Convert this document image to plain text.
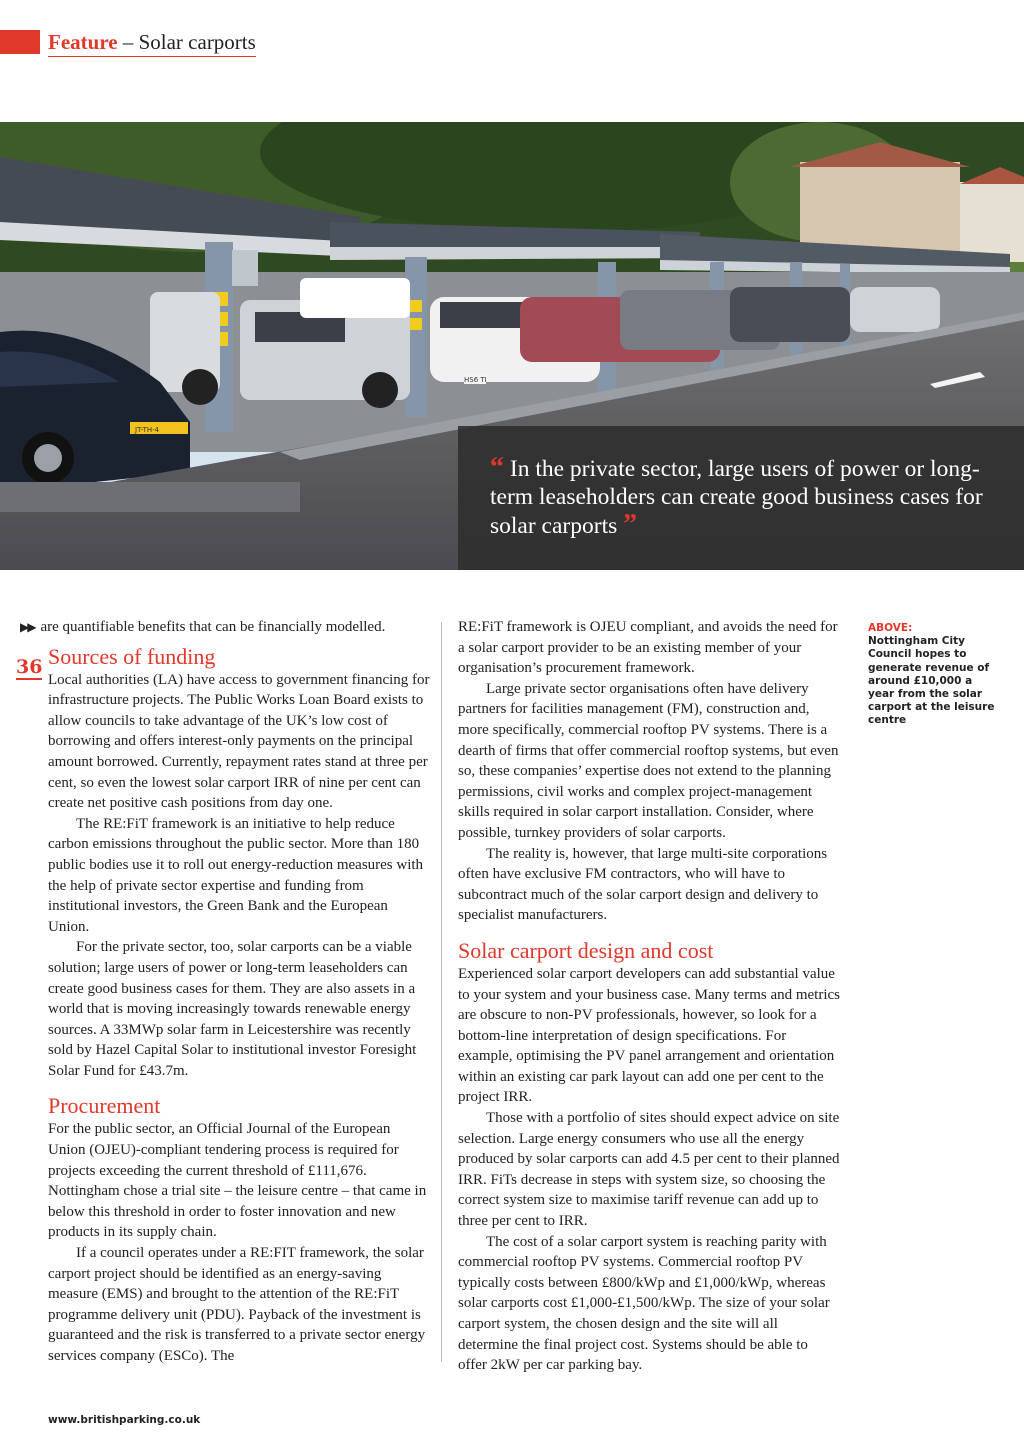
Feature – Solar carports
JT-TH-4
HS6 TI
“ In the private sector, large users of power or long-term leaseholders can create good business cases for solar carports ”
36

▶▶ are quantifiable benefits that can be financially modelled.

Sources of funding

Local authorities (LA) have access to government financing for infrastructure projects. The Public Works Loan Board exists to allow councils to take advantage of the UK’s low cost of borrowing and offers interest-only payments on the principal amount borrowed. Currently, repayment rates stand at three per cent, so even the lowest solar carport IRR of nine per cent can create net positive cash positions from day one.

The RE:FiT framework is an initiative to help reduce carbon emissions throughout the public sector. More than 180 public bodies use it to roll out energy-reduction measures with the help of private sector expertise and funding from institutional investors, the Green Bank and the European Union.

For the private sector, too, solar carports can be a viable solution; large users of power or long-term leaseholders can create good business cases for them. They are also assets in a world that is moving increasingly towards renewable energy sources. A 33MWp solar farm in Leicestershire was recently sold by Hazel Capital Solar to institutional investor Foresight Solar Fund for £43.7m.

Procurement

For the public sector, an Official Journal of the European Union (OJEU)-compliant tendering process is required for projects exceeding the current threshold of £111,676. Nottingham chose a trial site – the leisure centre – that came in below this threshold in order to foster innovation and new products in its supply chain.

If a council operates under a RE:FIT framework, the solar carport project should be identified as an energy-saving measure (EMS) and brought to the attention of the RE:FiT programme delivery unit (PDU). Payback of the investment is guaranteed and the risk is transferred to a private sector energy services company (ESCo). The

RE:FiT framework is OJEU compliant, and avoids the need for a solar carport provider to be an existing member of your organisation’s procurement framework.

Large private sector organisations often have delivery partners for facilities management (FM), construction and, more specifically, commercial rooftop PV systems. There is a dearth of firms that offer commercial rooftop systems, but even so, these companies’ expertise does not extend to the planning permissions, civil works and complex project-management skills required in solar carport installation. Consider, where possible, turnkey providers of solar carports.

The reality is, however, that large multi-site corporations often have exclusive FM contractors, who will have to subcontract much of the solar carport design and delivery to specialist manufacturers.

Solar carport design and cost

Experienced solar carport developers can add substantial value to your system and your business case. Many terms and metrics are obscure to non-PV professionals, however, so look for a bottom-line interpretation of design specifications. For example, optimising the PV panel arrangement and orientation within an existing car park layout can add one per cent to the project IRR.

Those with a portfolio of sites should expect advice on site selection. Large energy consumers who use all the energy produced by solar carports can add 4.5 per cent to their planned IRR. FiTs decrease in steps with system size, so choosing the correct system size to maximise tariff revenue can add up to three per cent to IRR.

The cost of a solar carport system is reaching parity with commercial rooftop PV systems. Commercial rooftop PV typically costs between £800/kWp and £1,000/kWp, whereas solar carports cost £1,000-£1,500/kWp. The size of your solar carport system, the chosen design and the site will all determine the final project cost. Systems should be able to offer 2kW per car parking bay.

ABOVE:
Nottingham City Council hopes to generate revenue of around £10,000 a year from the solar carport at the leisure centre
www.britishparking.co.uk
